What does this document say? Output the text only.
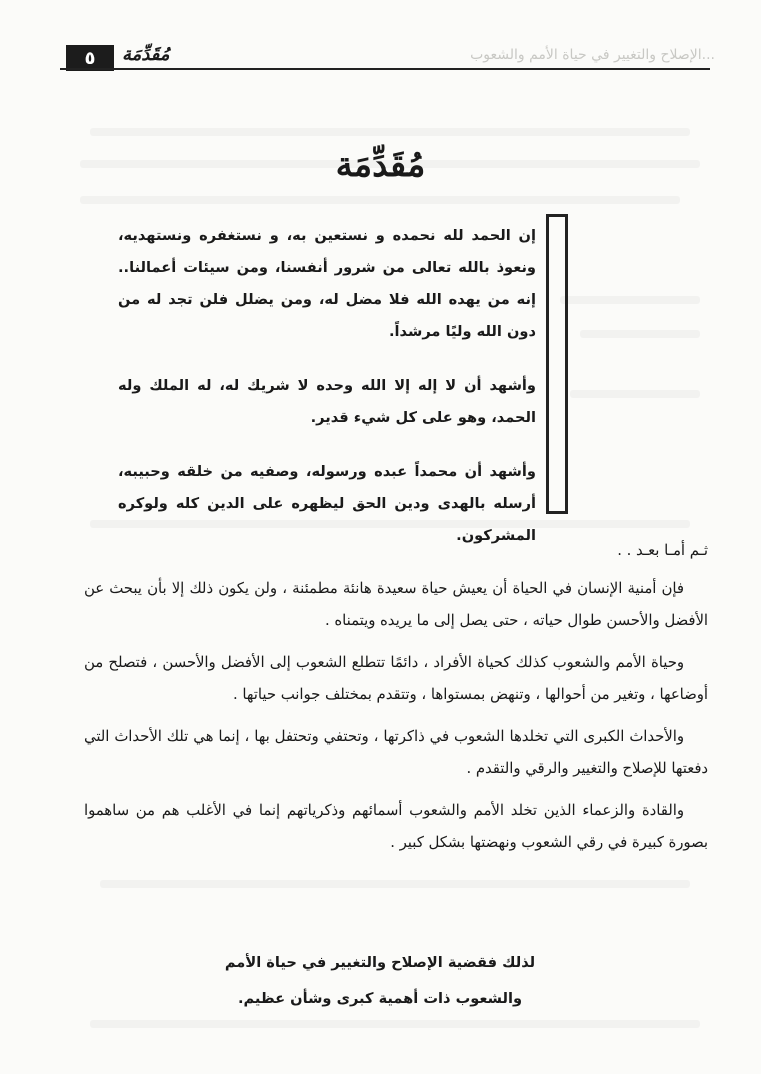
...الإصلاح والتغيير في حياة الأمم والشعوب
مُقَدِّمَة
٥
مُقَدِّمَة

إن الحمد لله نحمده و نستعين به، و نستغفره ونستهديه، ونعوذ بالله تعالى من شرور أنفسنا، ومن سيئات أعمالنا.. إنه من يهده الله فلا مضل له، ومن يضلل فلن تجد له من دون الله وليًا مرشداً.

وأشهد أن لا إله إلا الله وحده لا شريك له، له الملك وله الحمد، وهو على كل شيء قدير.

وأشهد أن محمداً عبده ورسوله، وصفيه من خلقه وحبيبه، أرسله بالهدى ودين الحق ليظهره على الدين كله ولوكره المشركون.

ثـم أمـا بعـد . .

فإن أمنية الإنسان في الحياة أن يعيش حياة سعيدة هانئة مطمئنة ، ولن يكون ذلك إلا بأن يبحث عن الأفضل والأحسن طوال حياته ، حتى يصل إلى ما يريده ويتمناه .

وحياة الأمم والشعوب كذلك كحياة الأفراد ، دائمًا تتطلع الشعوب إلى الأفضل والأحسن ، فتصلح من أوضاعها ، وتغير من أحوالها ، وتنهض بمستواها ، وتتقدم بمختلف جوانب حياتها .

والأحداث الكبرى التي تخلدها الشعوب في ذاكرتها ، وتحتفي وتحتفل بها ، إنما هي تلك الأحداث التي دفعتها للإصلاح والتغيير والرقي والتقدم .

والقادة والزعماء الذين تخلد الأمم والشعوب أسمائهم وذكرياتهم إنما في الأغلب هم من ساهموا بصورة كبيرة في رقي الشعوب ونهضتها بشكل كبير .

لذلك فقضية الإصلاح والتغيير في حياة الأمم

والشعوب ذات أهمية كبرى وشأن عظيم.
